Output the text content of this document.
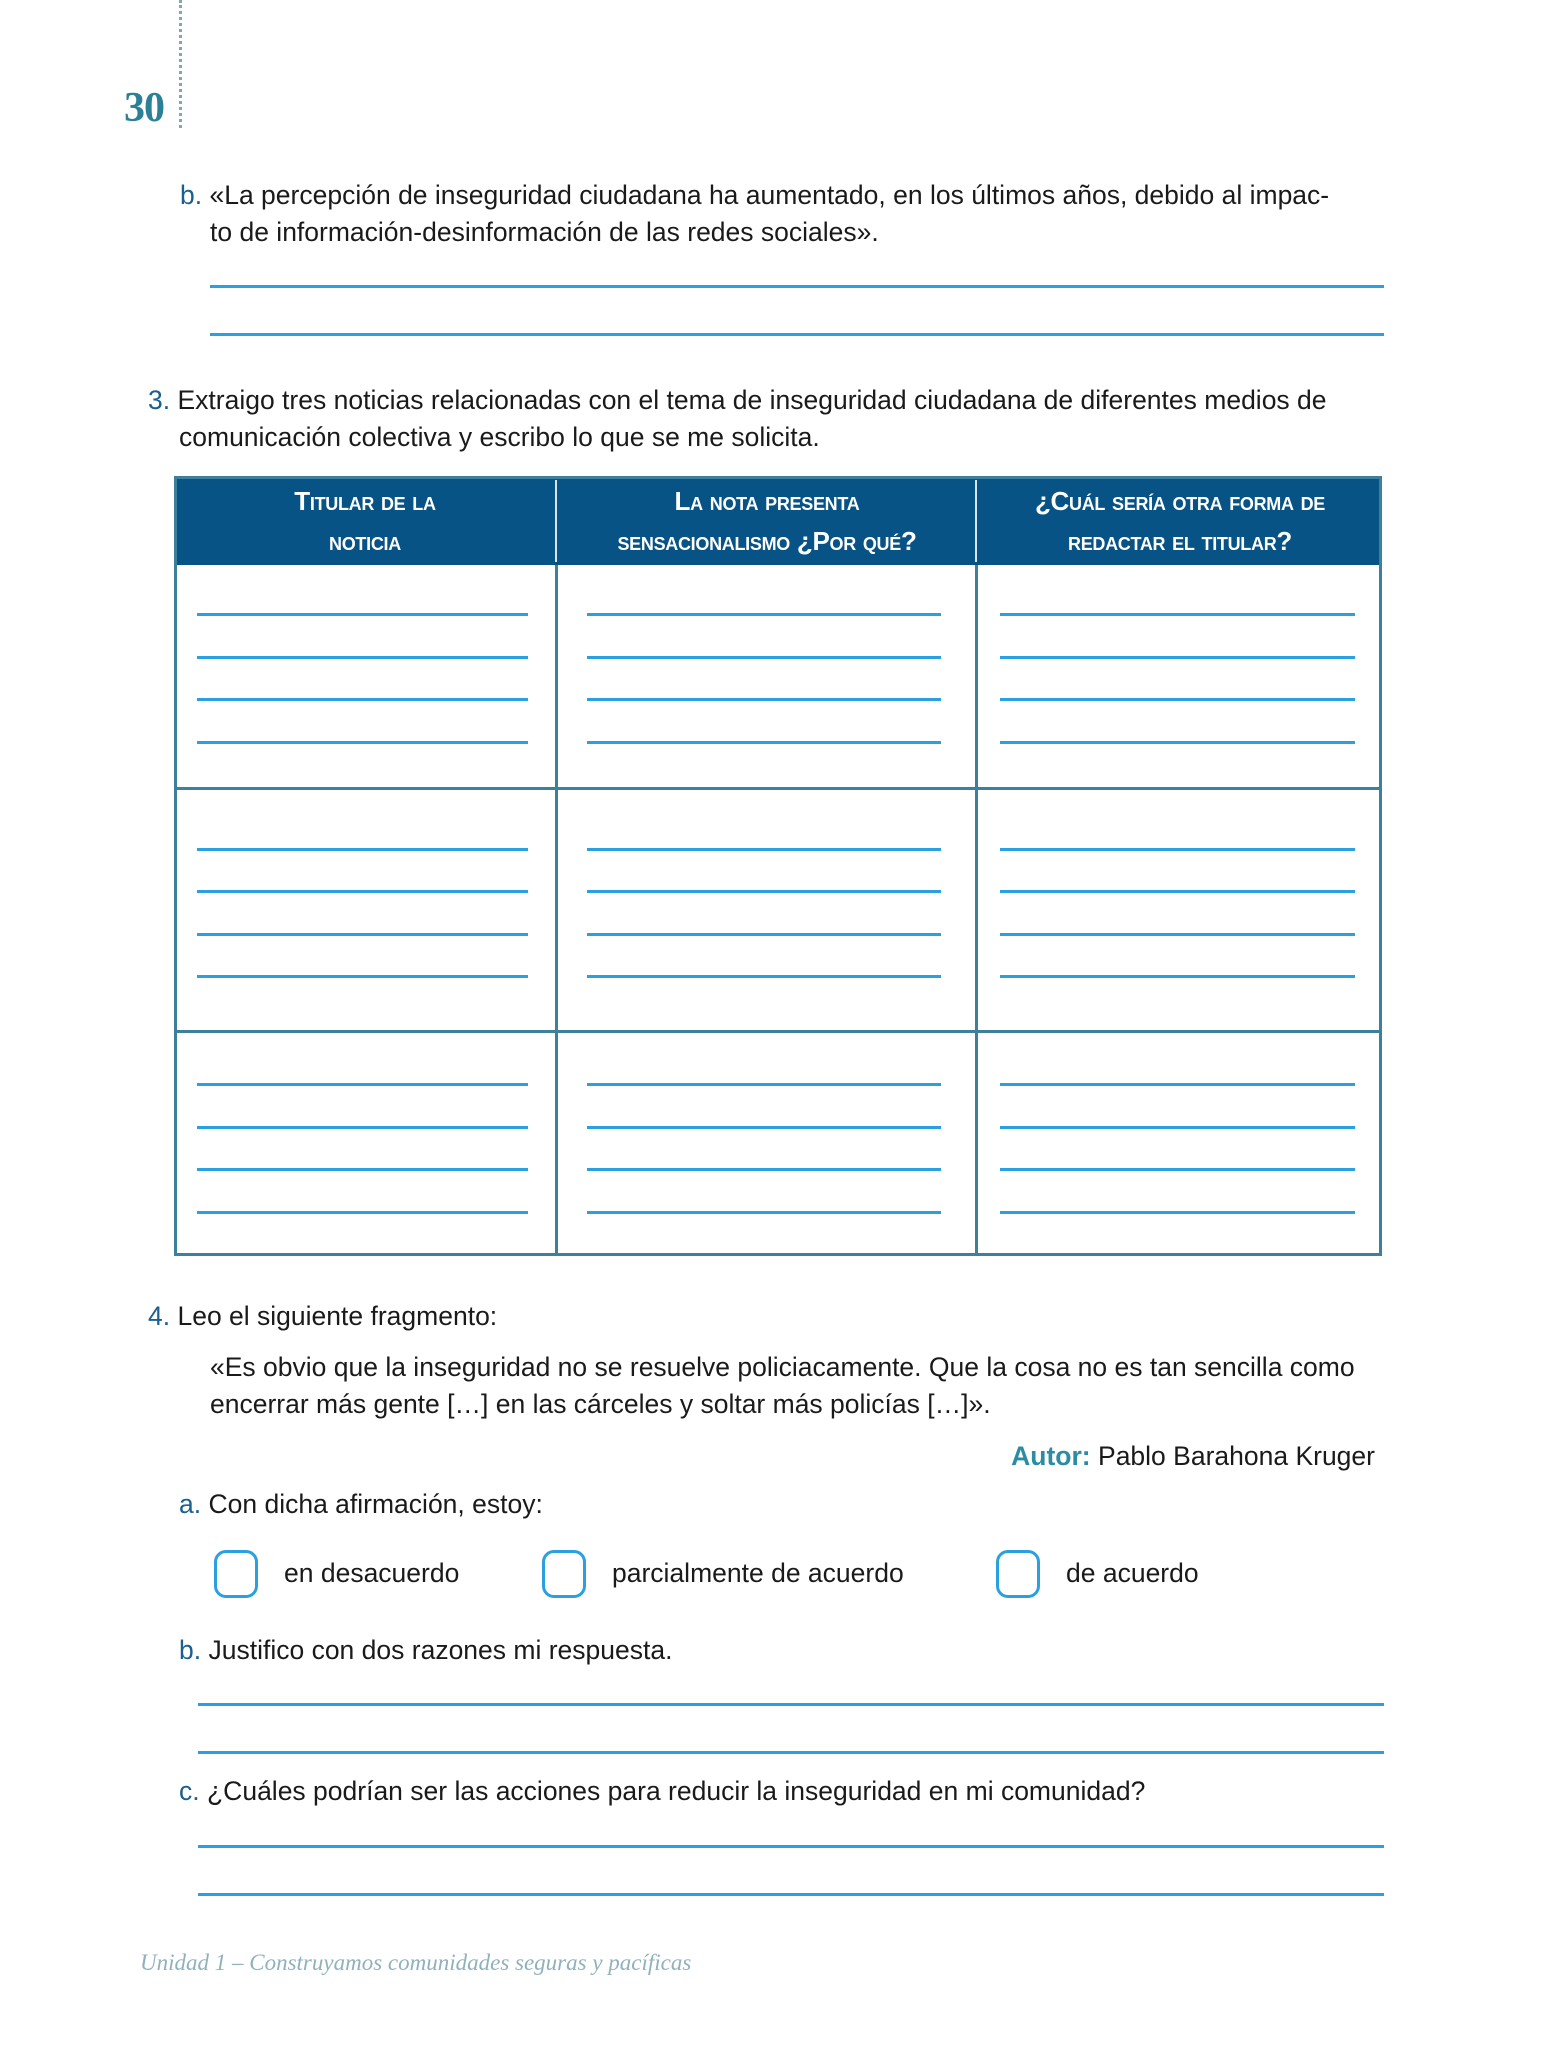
30
b. «La percepción de inseguridad ciudadana ha aumentado, en los últimos años, debido al impac-
to de información-desinformación de las redes sociales».
3. Extraigo tres noticias relacionadas con el tema de inseguridad ciudadana de diferentes medios de
comunicación colectiva y escribo lo que se me solicita.
Titular de la
noticia
La nota presenta
sensacionalismo ¿Por qué?
¿Cuál sería otra forma de
redactar el titular?
4. Leo el siguiente fragmento:
«Es obvio que la inseguridad no se resuelve policiacamente. Que la cosa no es tan sencilla como
encerrar más gente […] en las cárceles y soltar más policías […]».
Autor: Pablo Barahona Kruger
a. Con dicha afirmación, estoy:
en desacuerdo	parcialmente de acuerdo	de acuerdo
b. Justifico con dos razones mi respuesta.
c. ¿Cuáles podrían ser las acciones para reducir la inseguridad en mi comunidad?
Unidad 1 – Construyamos comunidades seguras y pacíficas
